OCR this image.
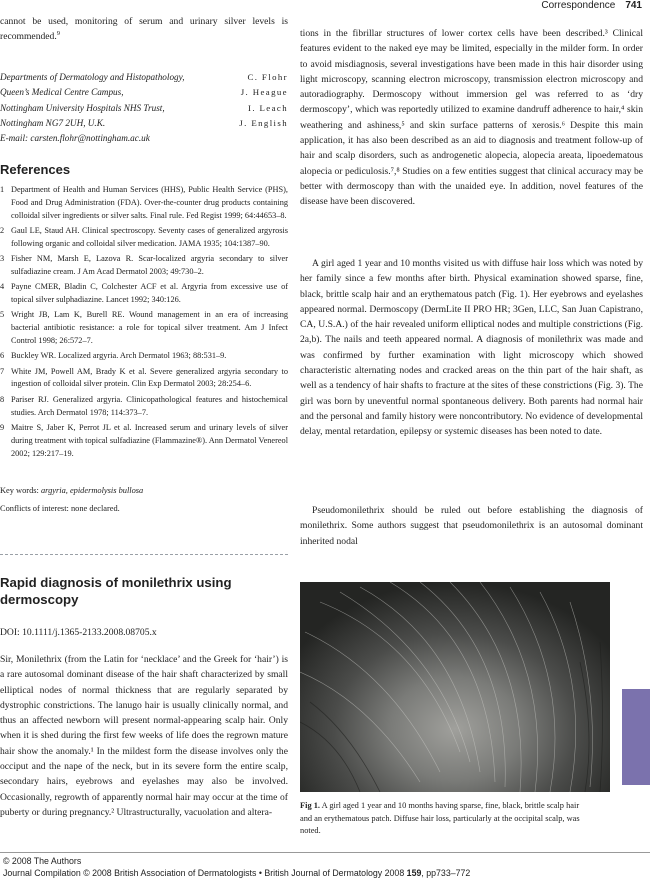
Correspondence 741

cannot be used, monitoring of serum and urinary silver levels is recommended.$^9$

Departments of Dermatology and Histopathology,	C. Flohr
Queen’s Medical Centre Campus,	J. Heague
Nottingham University Hospitals NHS Trust,	I. Leach
Nottingham NG7 2UH, U.K.	J. English
E-mail: carsten.flohr@nottingham.ac.uk
References
1 Department of Health and Human Services (HHS), Public Health Service (PHS), Food and Drug Administration (FDA). Over-the-counter drug products containing colloidal silver ingredients or silver salts. Final rule. Fed Regist 1999; 64:44653–8.
2 Gaul LE, Staud AH. Clinical spectroscopy. Seventy cases of generalized argyrosis following organic and colloidal silver medication. JAMA 1935; 104:1387–90.
3 Fisher NM, Marsh E, Lazova R. Scar-localized argyria secondary to silver sulfadiazine cream. J Am Acad Dermatol 2003; 49:730–2.
4 Payne CMER, Bladin C, Colchester ACF et al. Argyria from excessive use of topical silver sulphadiazine. Lancet 1992; 340:126.
5 Wright JB, Lam K, Burell RE. Wound management in an era of increasing bacterial antibiotic resistance: a role for topical silver treatment. Am J Infect Control 1998; 26:572–7.
6 Buckley WR. Localized argyria. Arch Dermatol 1963; 88:531–9.
7 White JM, Powell AM, Brady K et al. Severe generalized argyria secondary to ingestion of colloidal silver protein. Clin Exp Dermatol 2003; 28:254–6.
8 Pariser RJ. Generalized argyria. Clinicopathological features and histochemical studies. Arch Dermatol 1978; 114:373–7.
9 Maitre S, Jaber K, Perrot JL et al. Increased serum and urinary levels of silver during treatment with topical sulfadiazine (Flammazine®). Ann Dermatol Venereol 2002; 129:217–19.
Key words: argyria, epidermolysis bullosa
Conflicts of interest: none declared.
Rapid diagnosis of monilethrix using dermoscopy
DOI: 10.1111/j.1365-2133.2008.08705.x

Sir, Monilethrix (from the Latin for ‘necklace’ and the Greek for ‘hair’) is a rare autosomal dominant disease of the hair shaft characterized by small elliptical nodes of normal thickness that are regularly separated by dystrophic constrictions. The lanugo hair is usually clinically normal, and thus an affected newborn will present normal-appearing scalp hair. Only when it is shed during the first few weeks of life does the regrown mature hair show the anomaly.¹ In the mildest form the disease involves only the occiput and the nape of the neck, but in its severe form the entire scalp, secondary hairs, eyebrows and eyelashes may also be involved. Occasionally, regrowth of apparently normal hair may occur at the time of puberty or during pregnancy.² Ultrastructurally, vacuolation and altera-

tions in the fibrillar structures of lower cortex cells have been described.³ Clinical features evident to the naked eye may be limited, especially in the milder form. In order to avoid misdiagnosis, several investigations have been made in this hair disorder using light microscopy, scanning electron microscopy, transmission electron microscopy and autoradiography. Dermoscopy without immersion gel was referred to as ‘dry dermoscopy’, which was reportedly utilized to examine dandruff adherence to hair,⁴ skin weathering and ashiness,⁵ and skin surface patterns of xerosis.⁶ Despite this main application, it has also been described as an aid to diagnosis and treatment follow-up of hair and scalp disorders, such as androgenetic alopecia, alopecia areata, lipoedematous alopecia or pediculosis.⁷,⁸ Studies on a few entities suggest that clinical accuracy may be better with dermoscopy than with the unaided eye. In addition, novel features of the disease have been discovered.

A girl aged 1 year and 10 months visited us with diffuse hair loss which was noted by her family since a few months after birth. Physical examination showed sparse, fine, black, brittle scalp hair and an erythematous patch (Fig. 1). Her eyebrows and eyelashes appeared normal. Dermoscopy (DermLite II PRO HR; 3Gen, LLC, San Juan Capistrano, CA, U.S.A.) of the hair revealed uniform elliptical nodes and multiple constrictions (Fig. 2a,b). The nails and teeth appeared normal. A diagnosis of monilethrix was made and was confirmed by further examination with light microscopy which showed characteristic alternating nodes and cracked areas on the thin part of the hair shaft, as well as a tendency of hair shafts to fracture at the sites of these constrictions (Fig. 3). The girl was born by uneventful normal spontaneous delivery. Both parents had normal hair and the personal and family history were noncontributory. No evidence of developmental delay, mental retardation, epilepsy or systemic diseases has been noted to date.

Pseudomonilethrix should be ruled out before establishing the diagnosis of monilethrix. Some authors suggest that pseudomonilethrix is an autosomal dominant inherited nodal

Fig 1. A girl aged 1 year and 10 months having sparse, fine, black, brittle scalp hair and an erythematous patch. Diffuse hair loss, particularly at the occipital scalp, was noted.
© 2008 The Authors
Journal Compilation © 2008 British Association of Dermatologists • British Journal of Dermatology 2008 159, pp733–772
